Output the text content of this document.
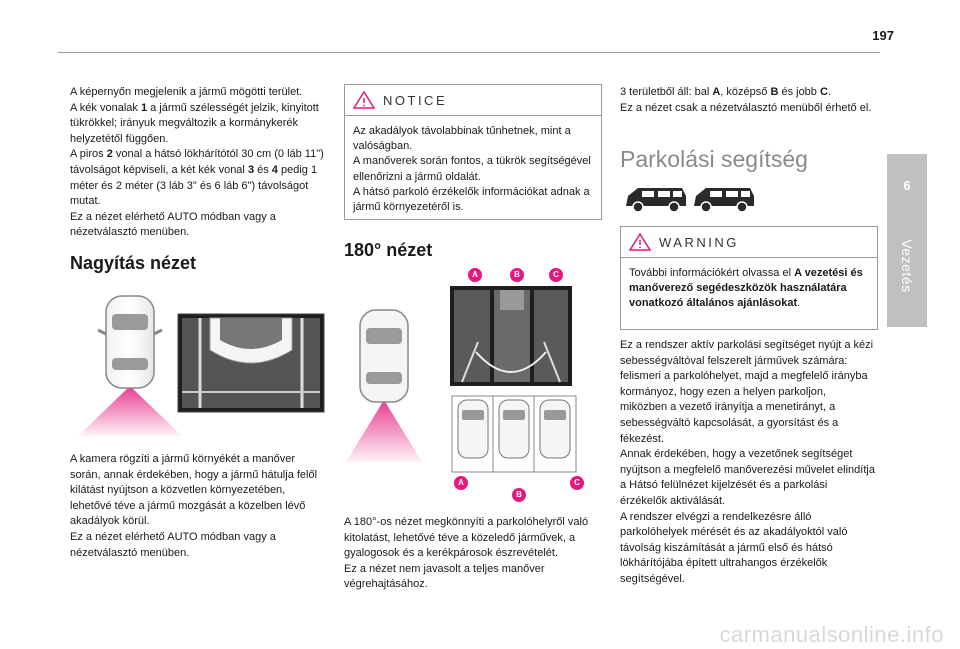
197
6
Vezetés
A képernyőn megjelenik a jármű mögötti terület.
A kék vonalak 1 a jármű szélességét jelzik, kinyitott tükrökkel; irányuk megváltozik a kormánykerék helyzetétől függően.
A piros 2 vonal a hátsó lökhárítótól 30 cm (0 láb 11") távolságot képviseli, a két kék vonal 3 és 4 pedig 1 méter és 2 méter (3 láb 3" és 6 láb 6") távolságot mutat.
Ez a nézet elérhető AUTO módban vagy a nézetválasztó menüben.
Nagyítás nézet
A kamera rögzíti a jármű környékét a manőver során, annak érdekében, hogy a jármű hátulja felől kilátást nyújtson a közvetlen környezetében, lehetővé téve a jármű mozgását a közelben lévő akadályok körül.
Ez a nézet elérhető AUTO módban vagy a nézetválasztó menüben.
NOTICE
Az akadályok távolabbinak tűnhetnek, mint a valóságban.
A manőverek során fontos, a tükrök segítségével ellenőrizni a jármű oldalát.
A hátsó parkoló érzékelők információkat adnak a jármű környezetéről is.
180° nézet
A	B	C
A
B
C
A 180°-os nézet megkönnyíti a parkolóhelyről való kitolatást, lehetővé téve a közeledő járművek, a gyalogosok és a kerékpárosok észrevételét.
Ez a nézet nem javasolt a teljes manőver végrehajtásához.
3 területből áll: bal A, középső B és jobb C.
Ez a nézet csak a nézetválasztó menüből érhető el.
Parkolási segítség
WARNING
További információkért olvassa el A vezetési és manőverező segédeszközök használatára vonatkozó általános ajánlásokat.
Ez a rendszer aktív parkolási segítséget nyújt a kézi sebességváltóval felszerelt járművek számára: felismeri a parkolóhelyet, majd a megfelelő irányba kormányoz, hogy ezen a helyen parkoljon, miközben a vezető irányítja a menetirányt, a sebességváltó kapcsolását, a gyorsítást és a fékezést.
Annak érdekében, hogy a vezetőnek segítséget nyújtson a megfelelő manőverezési művelet elindítja a Hátsó felülnézet kijelzését és a parkolási érzékelők aktiválását.
A rendszer elvégzi a rendelkezésre álló parkolóhelyek mérését és az akadályoktól való távolság kiszámítását a jármű első és hátsó lökhárítójába épített ultrahangos érzékelők segítségével.
carmanualsonline.info
